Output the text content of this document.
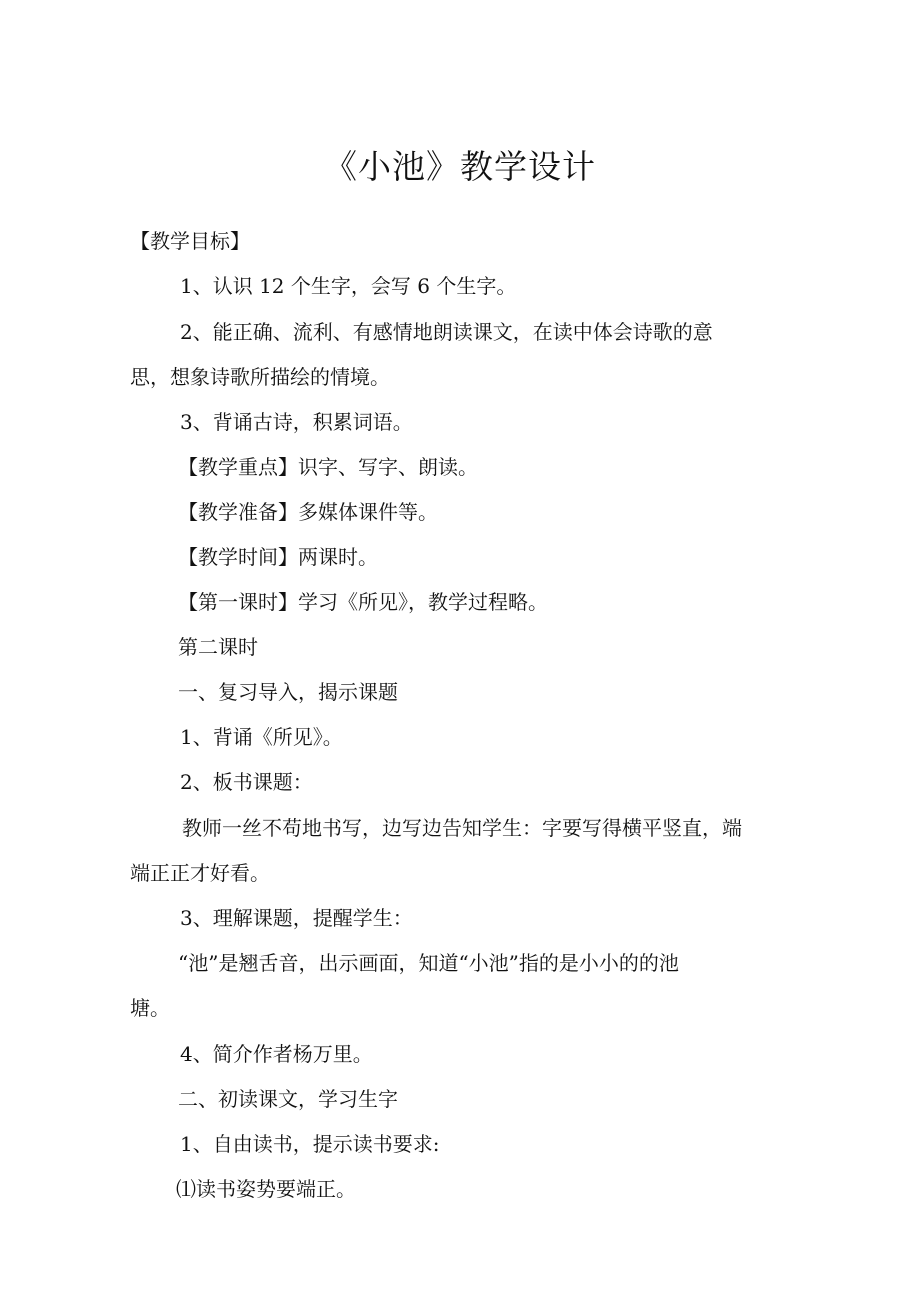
《小池》教学设计
【教学目标】
1、认识 12 个生字，会写 6 个生字。
2、能正确、流利、有感情地朗读课文，在读中体会诗歌的意
思，想象诗歌所描绘的情境。
3、背诵古诗，积累词语。
【教学重点】识字、写字、朗读。
【教学准备】多媒体课件等。
【教学时间】两课时。
【第一课时】学习《所见》，教学过程略。
第二课时
一、复习导入，揭示课题
1、背诵《所见》。
2、板书课题：
教师一丝不苟地书写，边写边告知学生：字要写得横平竖直，端
端正正才好看。
3、理解课题，提醒学生：
“池”是翘舌音，出示画面，知道“小池”指的是小小的的池
塘。
4、简介作者杨万里。
二、初读课文，学习生字
1、自由读书，提示读书要求:
⑴读书姿势要端正。
